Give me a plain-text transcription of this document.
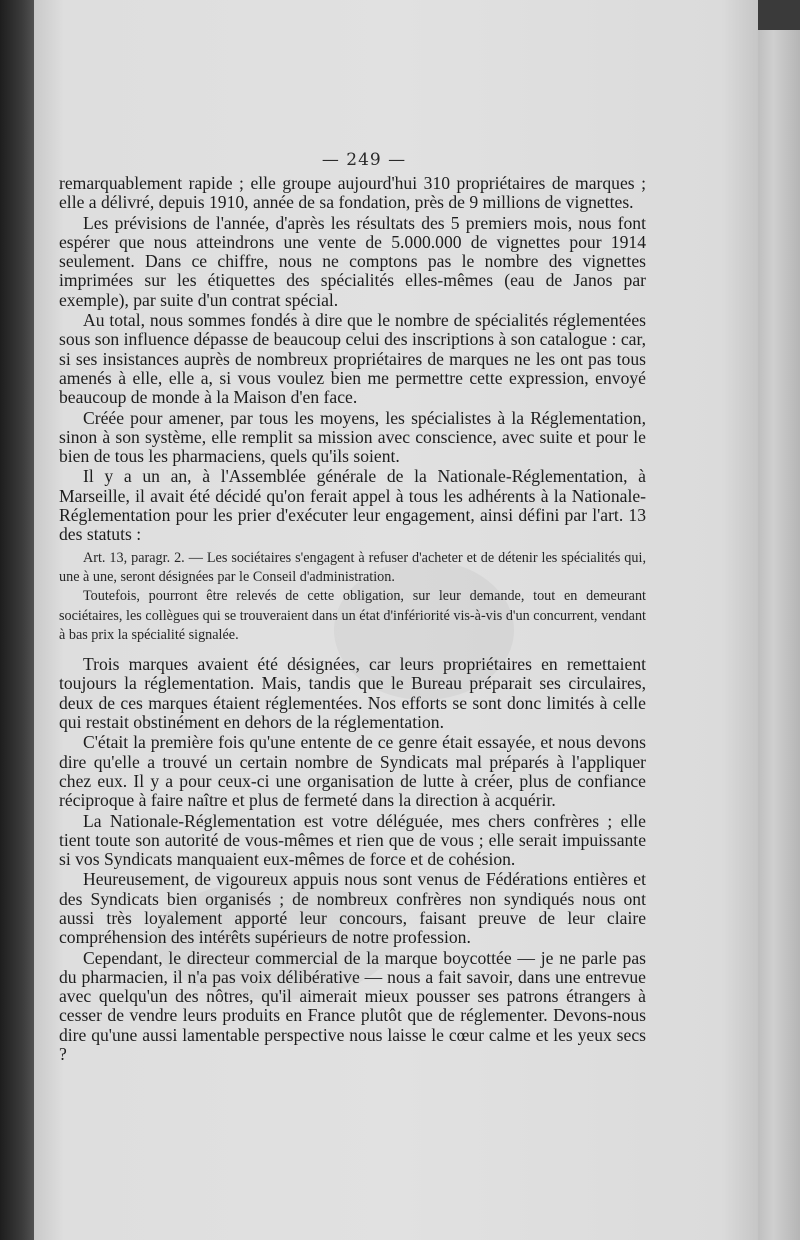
— 249 —

remarquablement rapide ; elle groupe aujourd'hui 310 propriétaires de marques ; elle a délivré, depuis 1910, année de sa fondation, près de 9 millions de vignettes.

Les prévisions de l'année, d'après les résultats des 5 premiers mois, nous font espérer que nous atteindrons une vente de 5.000.000 de vignettes pour 1914 seulement. Dans ce chiffre, nous ne comptons pas le nombre des vignettes imprimées sur les étiquettes des spécialités elles-mêmes (eau de Janos par exemple), par suite d'un contrat spécial.

Au total, nous sommes fondés à dire que le nombre de spécialités réglementées sous son influence dépasse de beaucoup celui des inscriptions à son catalogue : car, si ses insistances auprès de nombreux propriétaires de marques ne les ont pas tous amenés à elle, elle a, si vous voulez bien me permettre cette expression, envoyé beaucoup de monde à la Maison d'en face.

Créée pour amener, par tous les moyens, les spécialistes à la Réglementation, sinon à son système, elle remplit sa mission avec conscience, avec suite et pour le bien de tous les pharmaciens, quels qu'ils soient.

Il y a un an, à l'Assemblée générale de la Nationale-Réglementation, à Marseille, il avait été décidé qu'on ferait appel à tous les adhérents à la Nationale-Réglementation pour les prier d'exécuter leur engagement, ainsi défini par l'art. 13 des statuts :

Art. 13, paragr. 2. — Les sociétaires s'engagent à refuser d'acheter et de détenir les spécialités qui, une à une, seront désignées par le Conseil d'administration.

Toutefois, pourront être relevés de cette obligation, sur leur demande, tout en demeurant sociétaires, les collègues qui se trouveraient dans un état d'infériorité vis-à-vis d'un concurrent, vendant à bas prix la spécialité signalée.

Trois marques avaient été désignées, car leurs propriétaires en remettaient toujours la réglementation. Mais, tandis que le Bureau préparait ses circulaires, deux de ces marques étaient réglementées. Nos efforts se sont donc limités à celle qui restait obstinément en dehors de la réglementation.

C'était la première fois qu'une entente de ce genre était essayée, et nous devons dire qu'elle a trouvé un certain nombre de Syndicats mal préparés à l'appliquer chez eux. Il y a pour ceux-ci une organisation de lutte à créer, plus de confiance réciproque à faire naître et plus de fermeté dans la direction à acquérir.

La Nationale-Réglementation est votre déléguée, mes chers confrères ; elle tient toute son autorité de vous-mêmes et rien que de vous ; elle serait impuissante si vos Syndicats manquaient eux-mêmes de force et de cohésion.

Heureusement, de vigoureux appuis nous sont venus de Fédérations entières et des Syndicats bien organisés ; de nombreux confrères non syndiqués nous ont aussi très loyalement apporté leur concours, faisant preuve de leur claire compréhension des intérêts supérieurs de notre profession.

Cependant, le directeur commercial de la marque boycottée — je ne parle pas du pharmacien, il n'a pas voix délibérative — nous a fait savoir, dans une entrevue avec quelqu'un des nôtres, qu'il aimerait mieux pousser ses patrons étrangers à cesser de vendre leurs produits en France plutôt que de réglementer. Devons-nous dire qu'une aussi lamentable perspective nous laisse le cœur calme et les yeux secs ?
